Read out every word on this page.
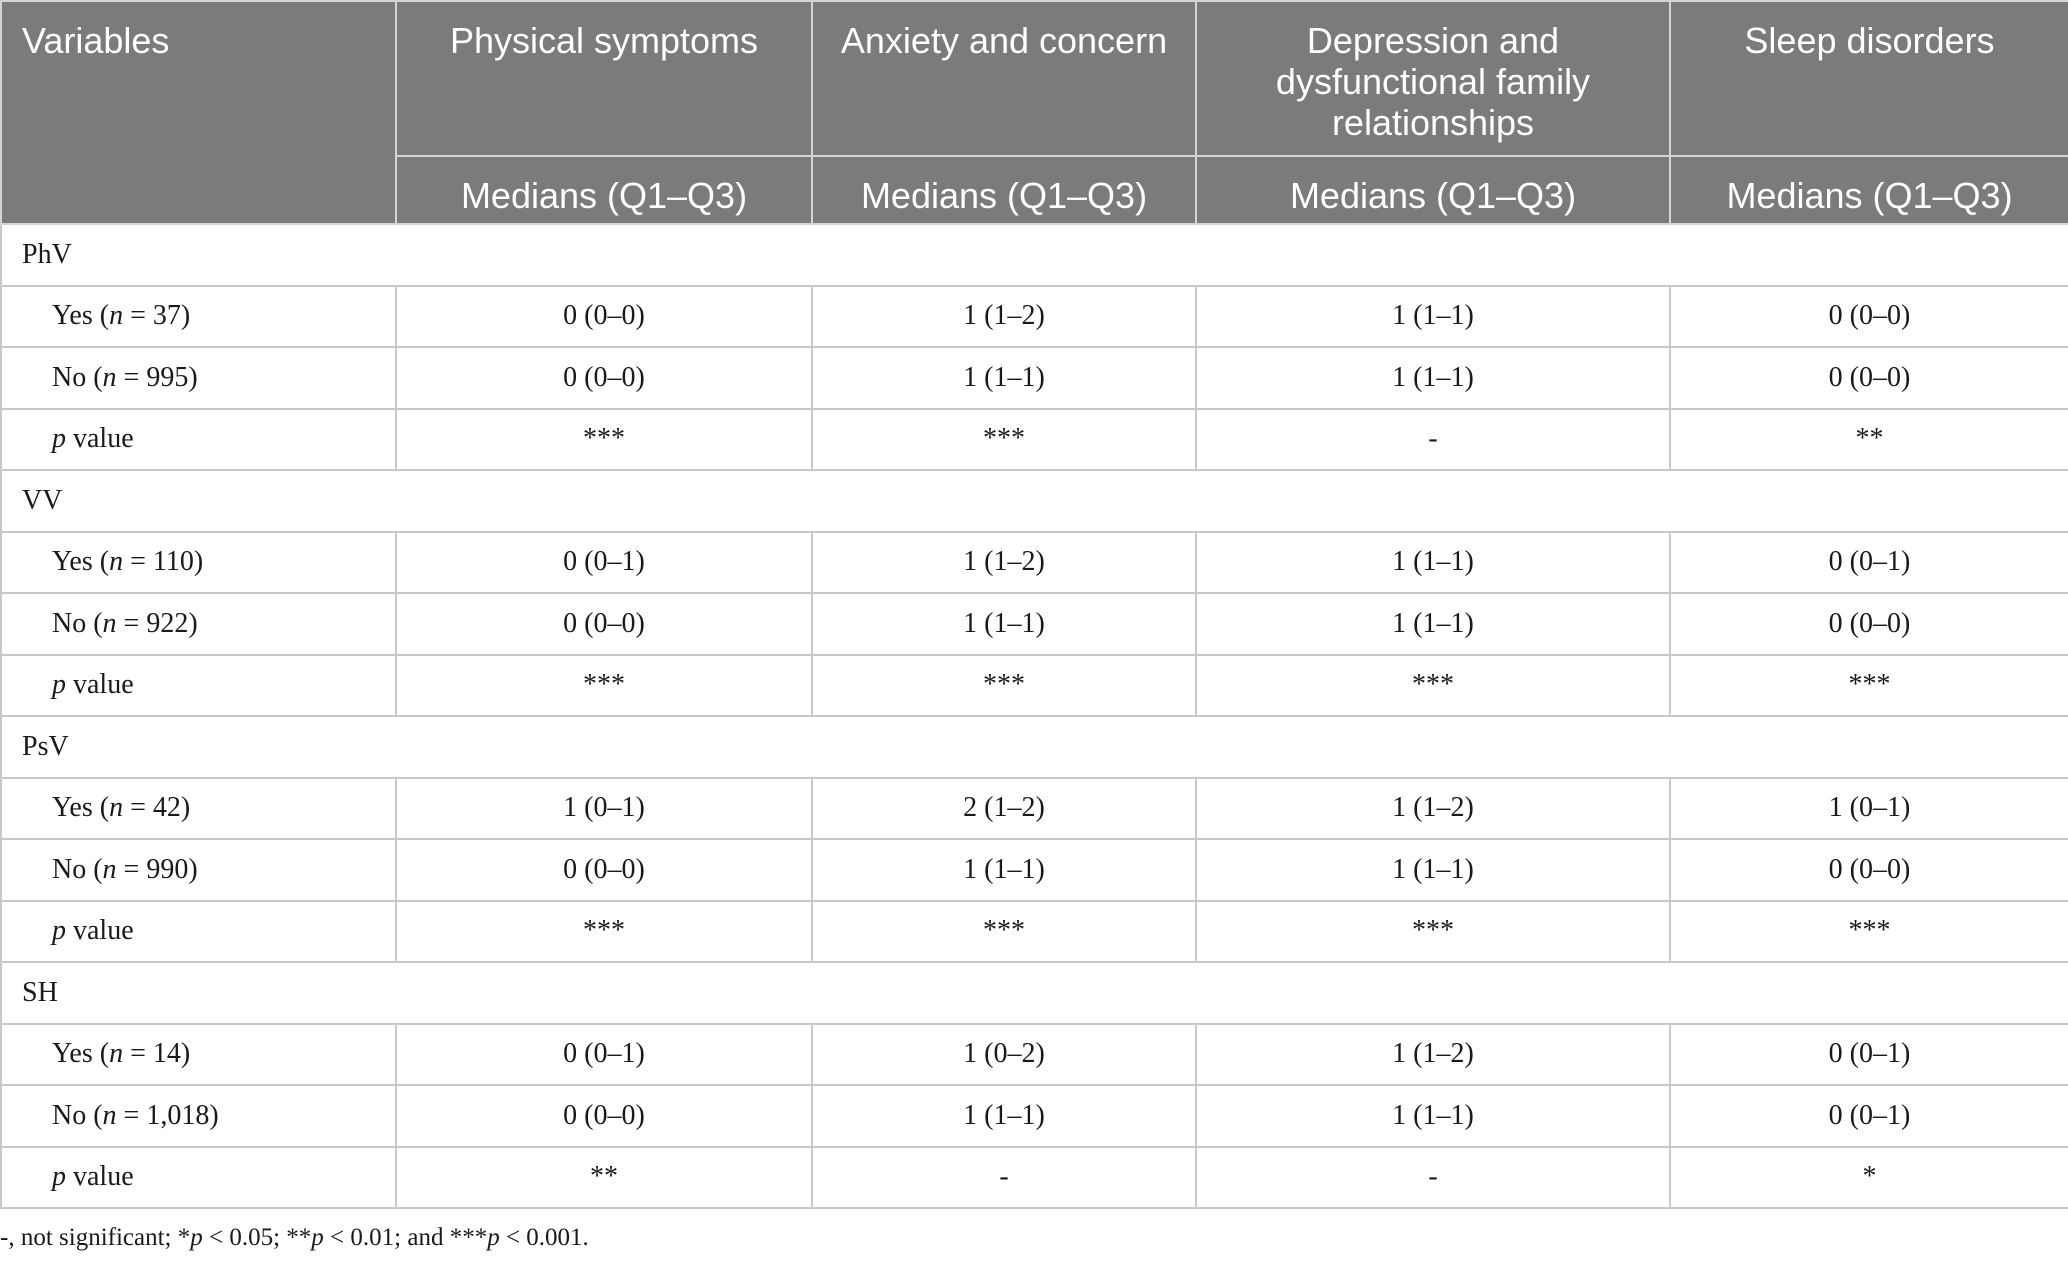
Variables	Physical symptoms	Anxiety and concern	Depression and dysfunctional family relationships	Sleep disorders
	Medians (Q1–Q3)	Medians (Q1–Q3)	Medians (Q1–Q3)	Medians (Q1–Q3)
PhV				
Yes (n = 37)	0 (0–0)	1 (1–2)	1 (1–1)	0 (0–0)
No (n = 995)	0 (0–0)	1 (1–1)	1 (1–1)	0 (0–0)
p value	***	***	-	**
VV				
Yes (n = 110)	0 (0–1)	1 (1–2)	1 (1–1)	0 (0–1)
No (n = 922)	0 (0–0)	1 (1–1)	1 (1–1)	0 (0–0)
p value	***	***	***	***
PsV				
Yes (n = 42)	1 (0–1)	2 (1–2)	1 (1–2)	1 (0–1)
No (n = 990)	0 (0–0)	1 (1–1)	1 (1–1)	0 (0–0)
p value	***	***	***	***
SH				
Yes (n = 14)	0 (0–1)	1 (0–2)	1 (1–2)	0 (0–1)
No (n = 1,018)	0 (0–0)	1 (1–1)	1 (1–1)	0 (0–1)
p value	**	-	-	*
-, not significant; *p < 0.05; **p < 0.01; and ***p < 0.001.
